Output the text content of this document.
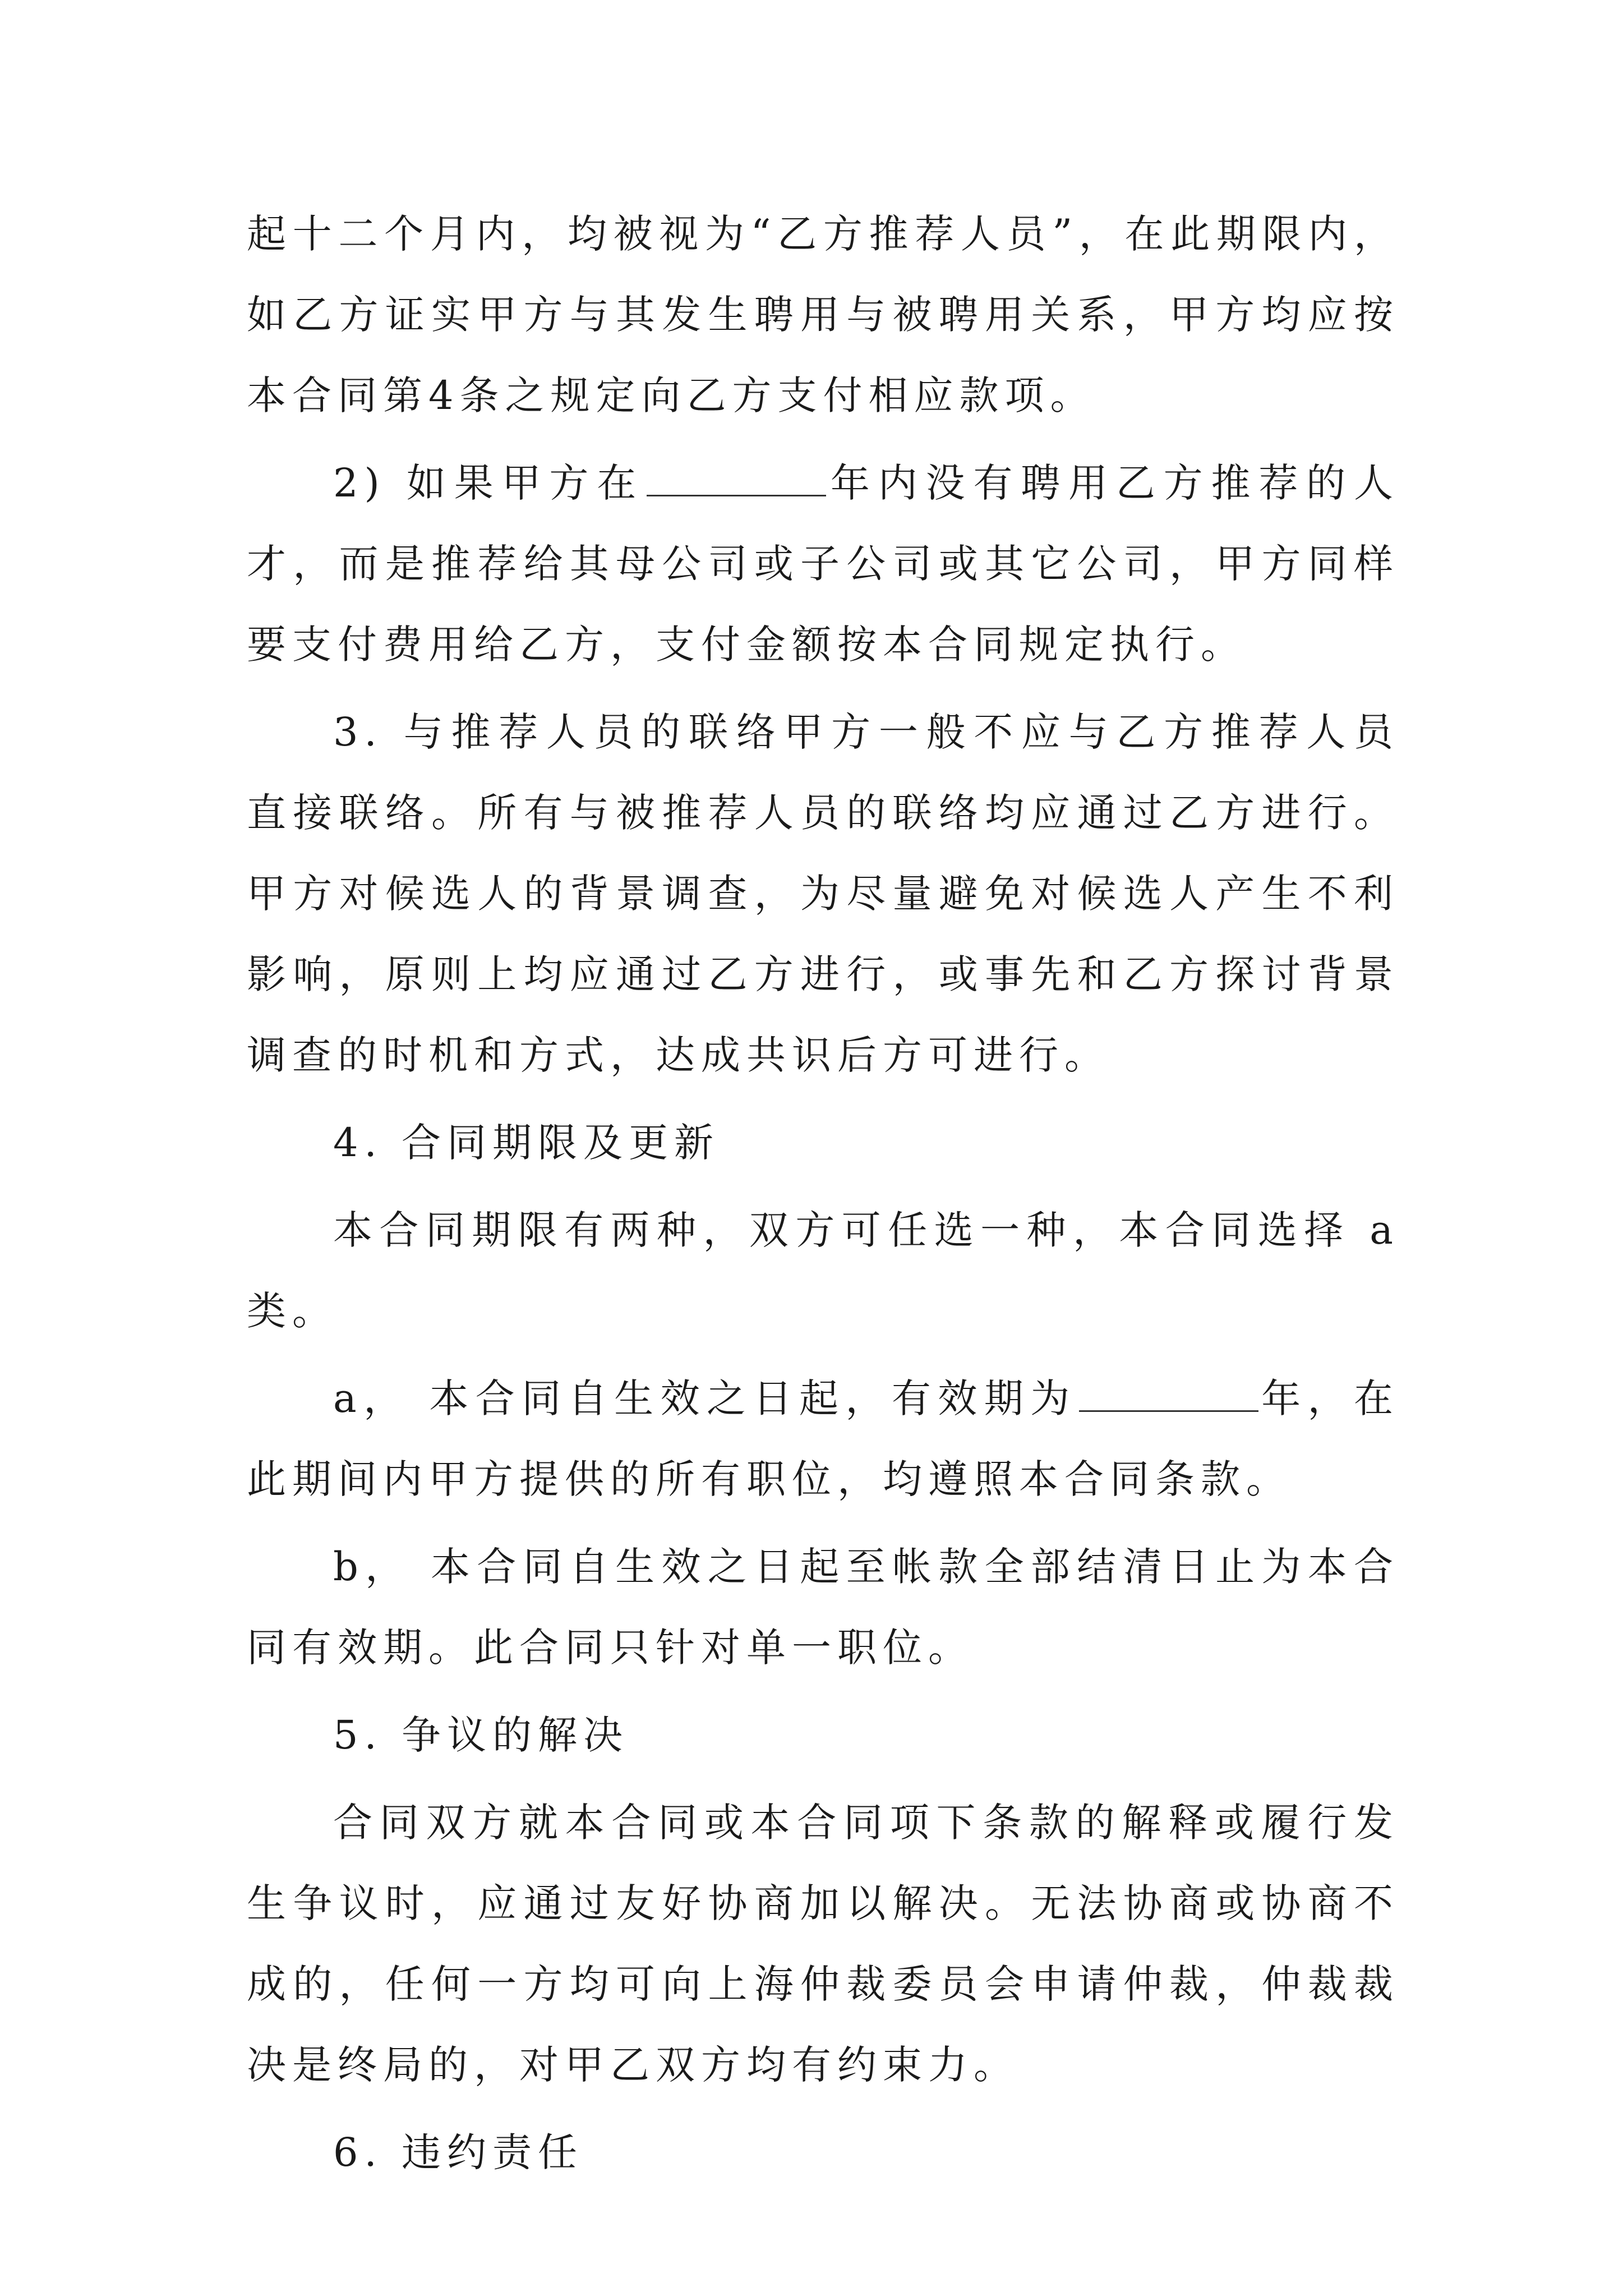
起十二个月内，均被视为“乙方推荐人员”，在此期限内，如乙方证实甲方与其发生聘用与被聘用关系，甲方均应按本合同第4条之规定向乙方支付相应款项。

2) 如果甲方在	年内没有聘用乙方推荐的人才，而是推荐给其母公司或子公司或其它公司，甲方同样要支付费用给乙方，支付金额按本合同规定执行。

3. 与推荐人员的联络甲方一般不应与乙方推荐人员直接联络。所有与被推荐人员的联络均应通过乙方进行。甲方对候选人的背景调查，为尽量避免对候选人产生不利影响，原则上均应通过乙方进行，或事先和乙方探讨背景调查的时机和方式，达成共识后方可进行。

4. 合同期限及更新

本合同期限有两种，双方可任选一种，本合同选择 a类。

a， 本合同自生效之日起，有效期为	年，在此期间内甲方提供的所有职位，均遵照本合同条款。

b， 本合同自生效之日起至帐款全部结清日止为本合同有效期。此合同只针对单一职位。

5. 争议的解决

合同双方就本合同或本合同项下条款的解释或履行发生争议时，应通过友好协商加以解决。无法协商或协商不成的，任何一方均可向上海仲裁委员会申请仲裁，仲裁裁决是终局的，对甲乙双方均有约束力。

6. 违约责任
